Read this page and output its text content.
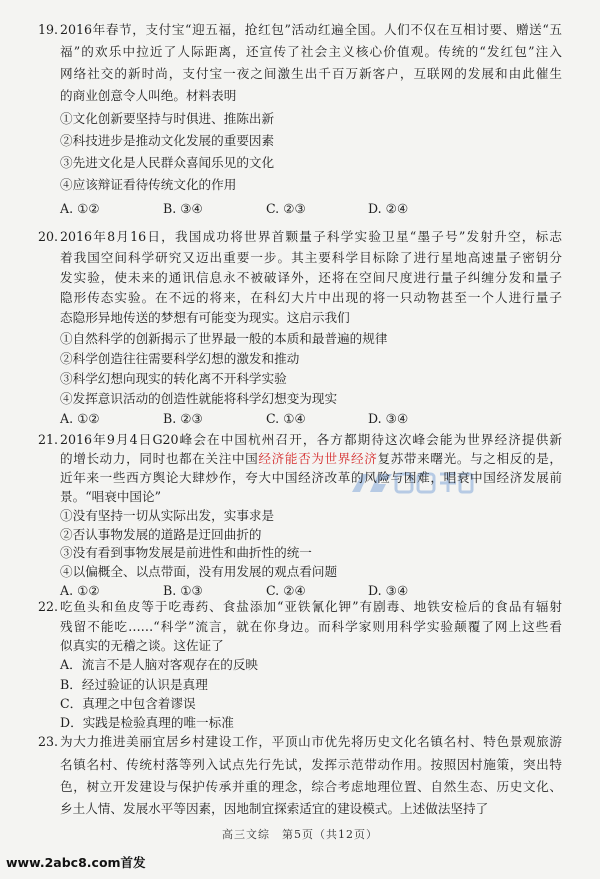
19. 2016年春节，支付宝“迎五福，抢红包”活动红遍全国。人们不仅在互相讨要、赠送“五
福”的欢乐中拉近了人际距离，还宣传了社会主义核心价值观。传统的“发红包”注入
网络社交的新时尚，支付宝一夜之间激生出千百万新客户，互联网的发展和由此催生
的商业创意令人叫绝。材料表明
①文化创新要坚持与时俱进、推陈出新
②科技进步是推动文化发展的重要因素
③先进文化是人民群众喜闻乐见的文化
④应该辩证看待传统文化的作用
A. ①②	B. ③④	C. ②③	D. ②④
20. 2016年8月16日，我国成功将世界首颗量子科学实验卫星“墨子号”发射升空，标志
着我国空间科学研究又迈出重要一步。其主要科学目标除了进行星地高速量子密钥分
发实验，使未来的通讯信息永不被破译外，还将在空间尺度进行量子纠缠分发和量子
隐形传态实验。在不远的将来，在科幻大片中出现的将一只动物甚至一个人进行量子
态隐形异地传送的梦想有可能变为现实。这启示我们
①自然科学的创新揭示了世界最一般的本质和最普遍的规律
②科学创造往往需要科学幻想的激发和推动
③科学幻想向现实的转化离不开科学实验
④发挥意识活动的创造性就能将科学幻想变为现实
A. ①②	B. ②③	C. ①④	D. ③④
21. 2016年9月4日G20峰会在中国杭州召开，各方都期待这次峰会能为世界经济提供新
的增长动力，同时也都在关注中国经济能否为世界经济复苏带来曙光。与之相反的是，
近年来一些西方舆论大肆炒作，夸大中国经济改革的风险与困难，唱衰中国经济发展前
景。“唱衰中国论”
①没有坚持一切从实际出发，实事求是
②否认事物发展的道路是迂回曲折的
③没有看到事物发展是前进性和曲折性的统一
④以偏概全、以点带面，没有用发展的观点看问题
A. ①②	B. ①③	C. ②④	D. ③④
22. 吃鱼头和鱼皮等于吃毒药、食盐添加“亚铁氰化钾”有剧毒、地铁安检后的食品有辐射
残留不能吃……“科学”流言，就在你身边。而科学家则用科学实验颠覆了网上这些看
似真实的无稽之谈。这佐证了
A．流言不是人脑对客观存在的反映
B．经过验证的认识是真理
C．真理之中包含着谬误
D．实践是检验真理的唯一标准
23. 为大力推进美丽宜居乡村建设工作，平顶山市优先将历史文化名镇名村、特色景观旅游
名镇名村、传统村落等列入试点先行先试，发挥示范带动作用。按照因村施策，突出特
色，树立开发建设与保护传承并重的理念，综合考虑地理位置、自然生态、历史文化、
乡土人情、发展水平等因素，因地制宜探索适宜的建设模式。上述做法坚持了
高三文综　第5页（共12页）
www.2abc8.com首发
